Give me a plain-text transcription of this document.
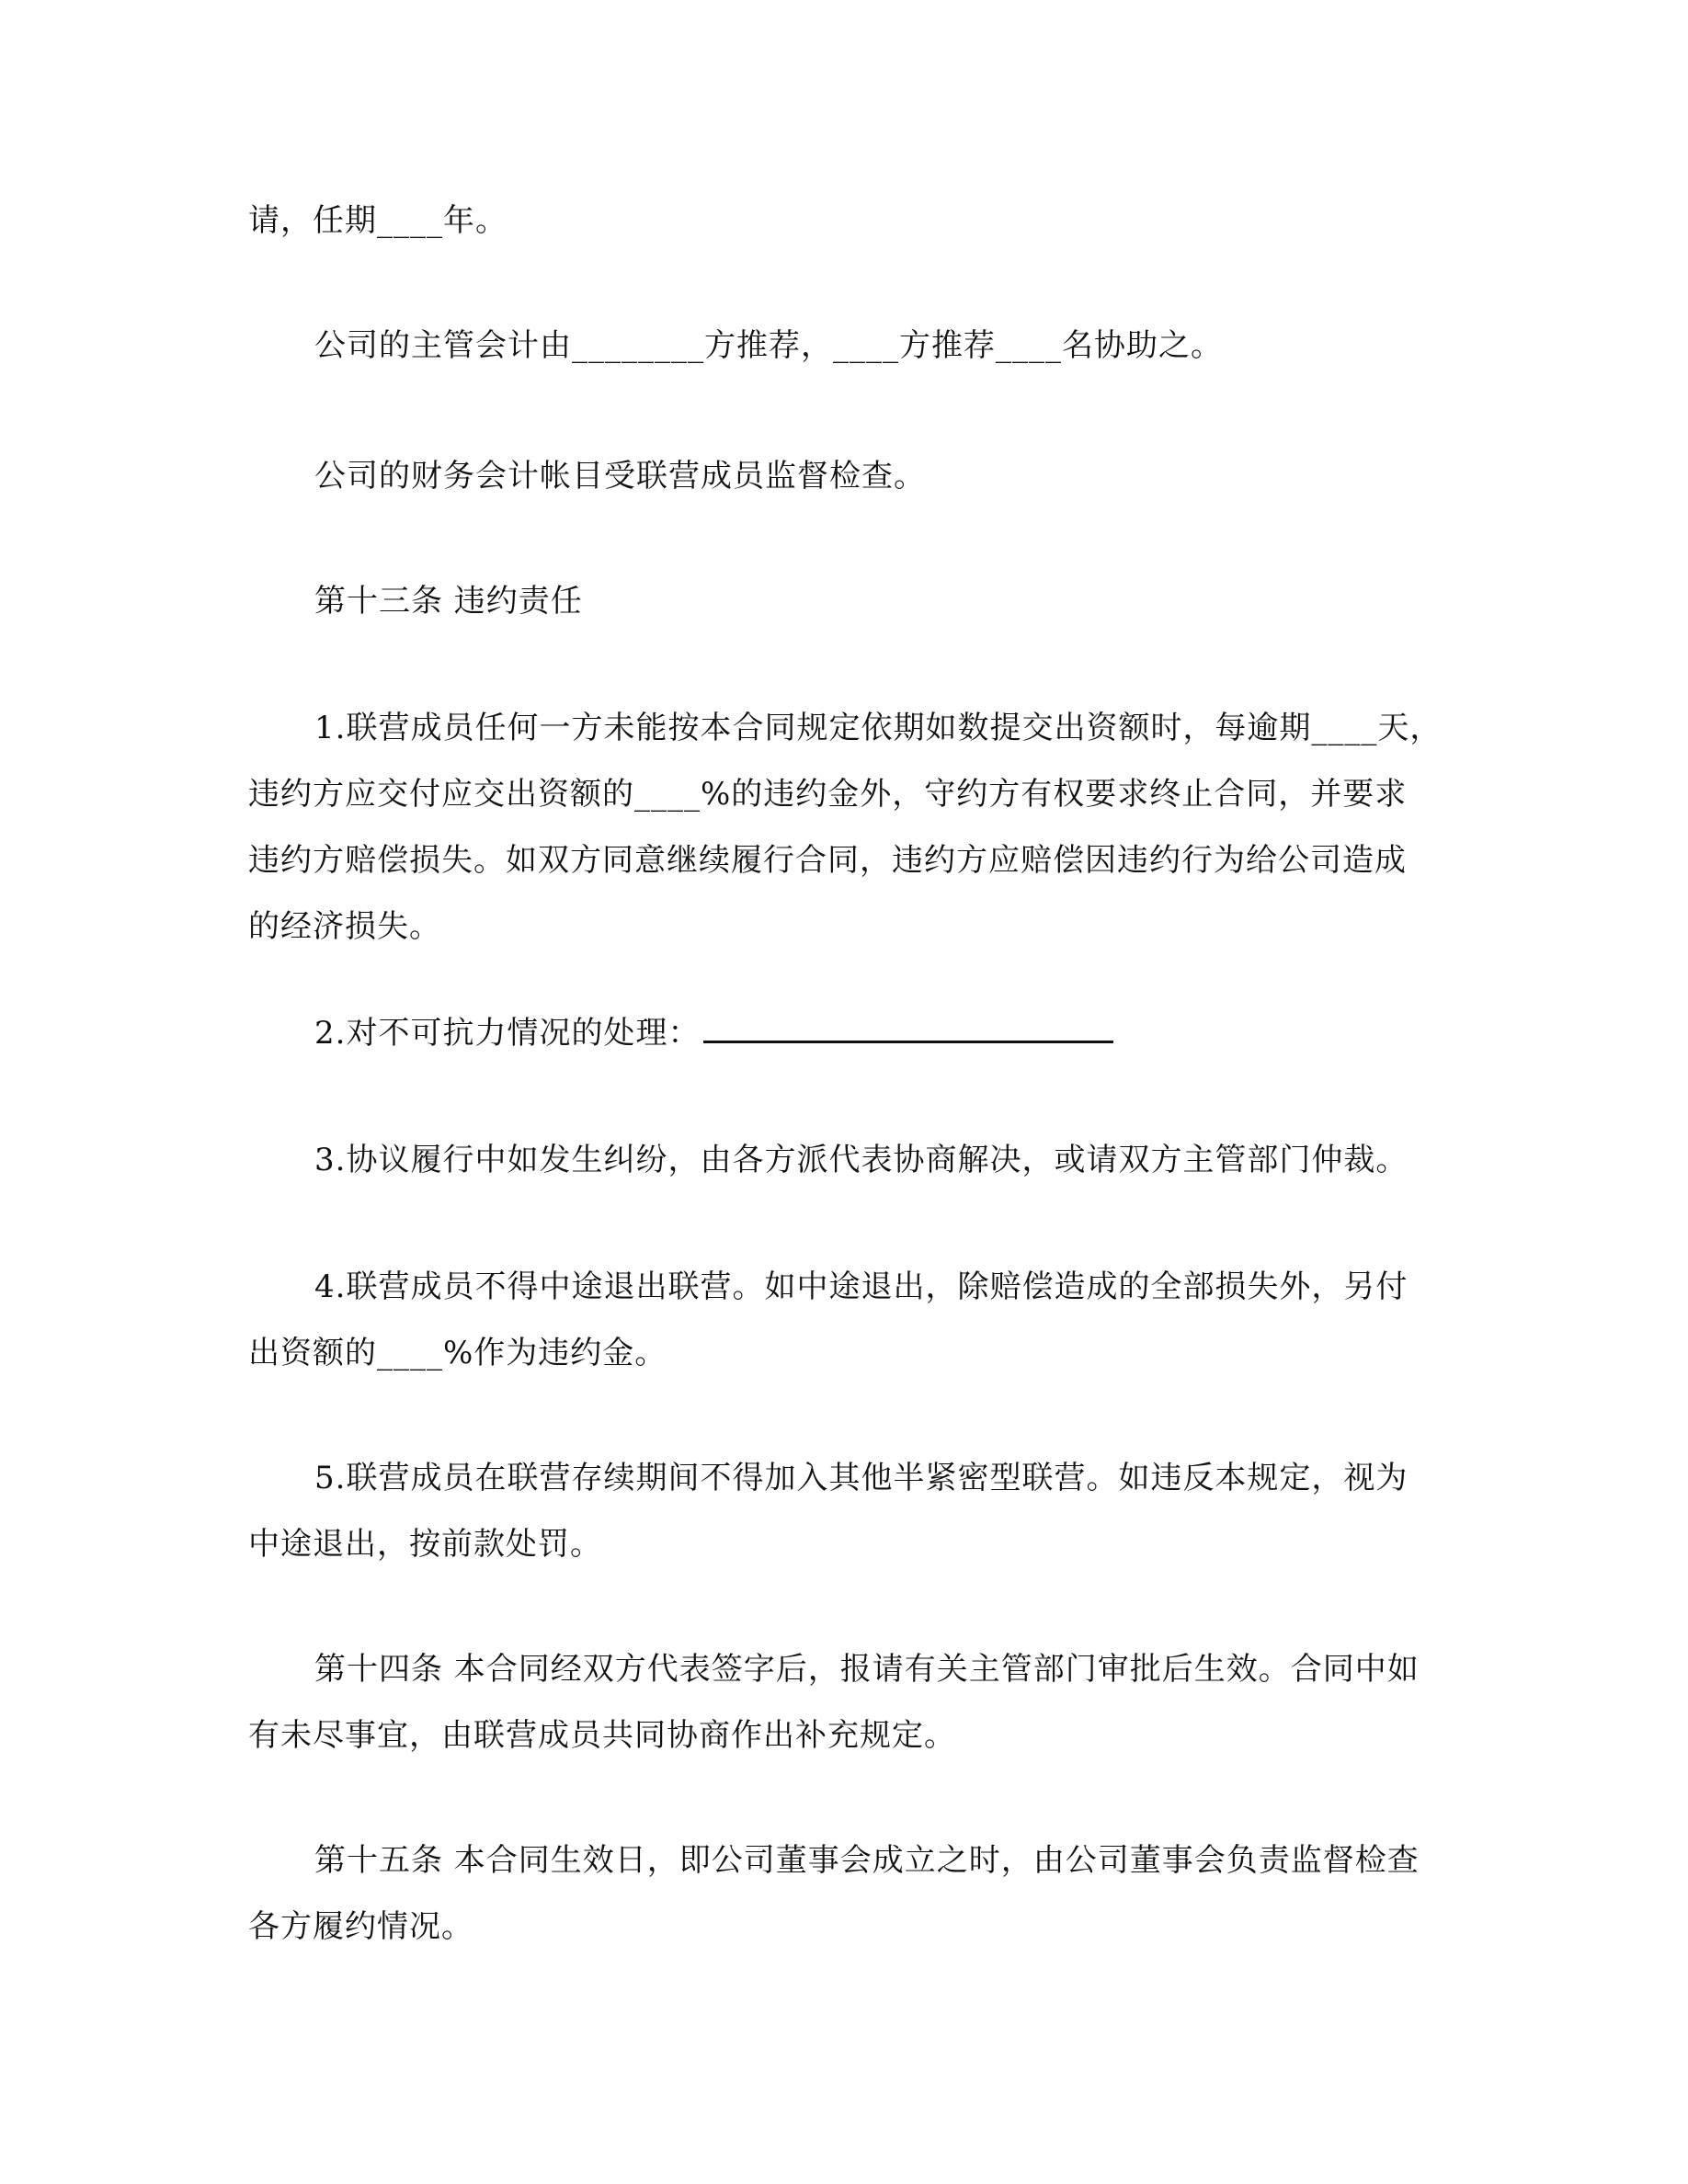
请，任期____年。

公司的主管会计由________方推荐，____方推荐____名协助之。

公司的财务会计帐目受联营成员监督检查。

第十三条 违约责任

1.联营成员任何一方未能按本合同规定依期如数提交出资额时，每逾期____天，
违约方应交付应交出资额的____%的违约金外，守约方有权要求终止合同，并要求
违约方赔偿损失。如双方同意继续履行合同，违约方应赔偿因违约行为给公司造成
的经济损失。

2.对不可抗力情况的处理：

3.协议履行中如发生纠纷，由各方派代表协商解决，或请双方主管部门仲裁。

4.联营成员不得中途退出联营。如中途退出，除赔偿造成的全部损失外，另付
出资额的____%作为违约金。

5.联营成员在联营存续期间不得加入其他半紧密型联营。如违反本规定，视为
中途退出，按前款处罚。

第十四条 本合同经双方代表签字后，报请有关主管部门审批后生效。合同中如
有未尽事宜，由联营成员共同协商作出补充规定。

第十五条 本合同生效日，即公司董事会成立之时，由公司董事会负责监督检查
各方履约情况。
